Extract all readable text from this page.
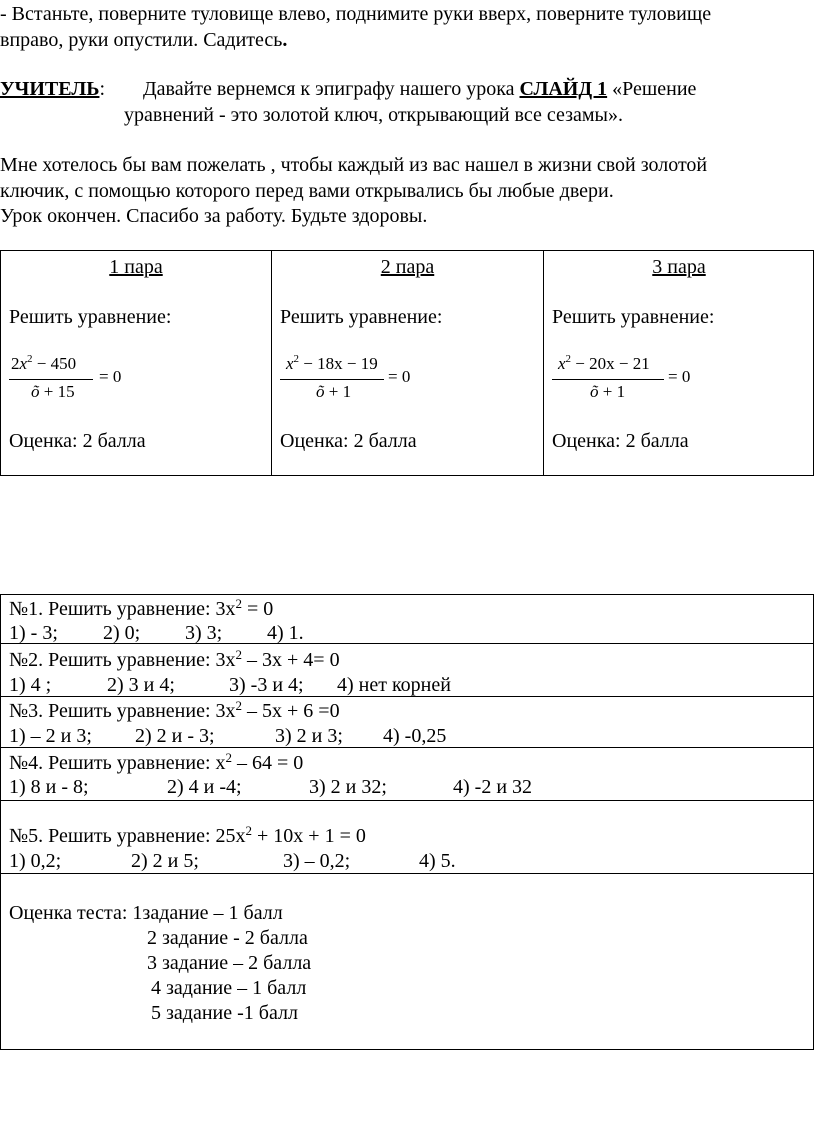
- Встаньте, поверните туловище влево, поднимите руки вверх, поверните туловище
вправо, руки опустили. Садитесь.
УЧИТЕЛЬ: Давайте вернемся к эпиграфу нашего урока СЛАЙД 1 «Решение
уравнений - это золотой ключ, открывающий все сезамы».
Мне хотелось бы вам пожелать , чтобы каждый из вас нашел в жизни свой золотой
ключик, с помощью которого перед вами открывались бы любые двери.
Урок окончен. Спасибо за работу. Будьте здоровы.
1 пара
Решить уравнение:
$2x^2 - 450$
õ + 15
= 0
Оценка: 2 балла
2 пара
Решить уравнение:
$x^2 - 18x - 19$
õ + 1
= 0
Оценка: 2 балла
3 пара
Решить уравнение:
$x^2 - 20x - 21$
õ + 1
= 0
Оценка: 2 балла
№1. Решить уравнение: $3x^2 = 0$
1) - 3; 2) 0; 3) 3; 4) 1.
№2. Решить уравнение: $3x^2 - 3x + 4= 0$
1) 4 ;	2) 3 и 4;	3) -3 и 4; 4) нет корней
№3. Решить уравнение: $3x^2 - 5x + 6 =0$
1) – 2 и 3; 2) 2 и - 3;	3) 2 и 3; 4) -0,25
№4. Решить уравнение: $x^2 - 64 = 0$
1) 8 и - 8;	2) 4 и -4;	3) 2 и 32;	4) -2 и 32
№5. Решить уравнение: $25x^2 + 10x + 1 = 0$
1) 0,2;	2) 2 и 5;	3) – 0,2;	4) 5.
Оценка теста: 1задание – 1 балл
2 задание - 2 балла
3 задание – 2 балла
4 задание – 1 балл
5 задание -1 балл
